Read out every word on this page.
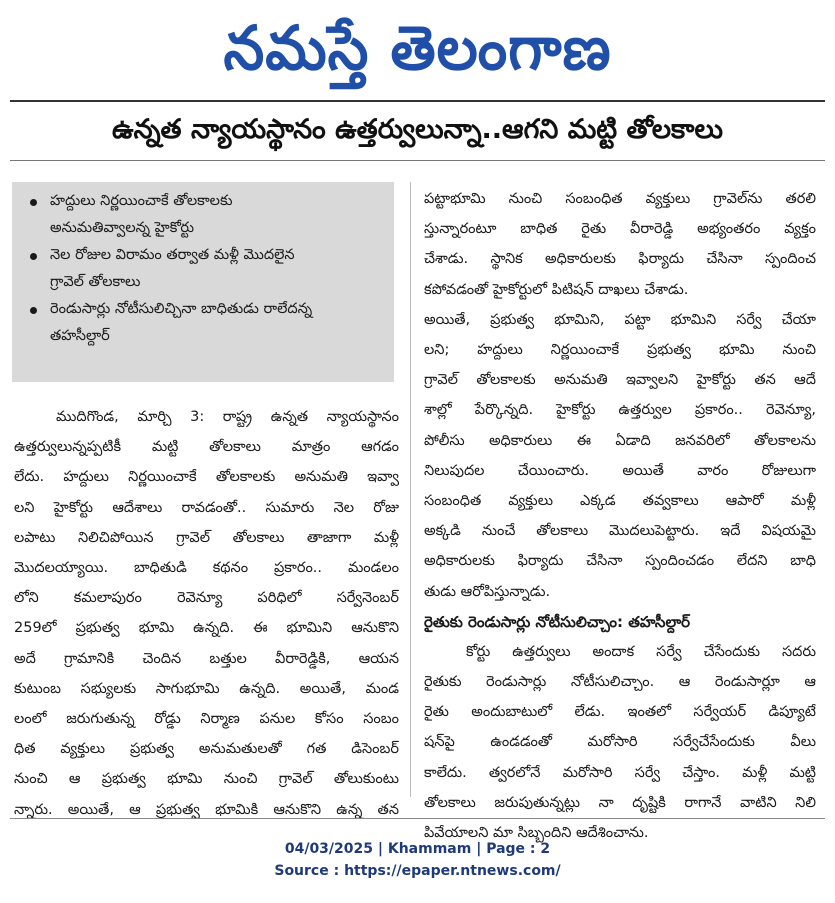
నమస్తే తెలంగాణ
ఉన్నత న్యాయస్థానం ఉత్తర్వులున్నా..ఆగని మట్టి తోలకాలు
హద్దులు నిర్ణయించాకే తోలకాలకు
అనుమతివ్వాలన్న హైకోర్టు
నెల రోజుల విరామం తర్వాత మళ్లీ మొదలైన
గ్రావెల్ తోలకాలు
రెండుసార్లు నోటీసులిచ్చినా బాధితుడు రాలేదన్న
తహసీల్దార్

ముదిగొండ, మార్చి 3: రాష్ట్ర ఉన్నత న్యాయస్థానం

ఉత్తర్వులున్నప్పటికీ మట్టి తోలకాలు మాత్రం ఆగడం

లేదు. హద్దులు నిర్ణయించాకే తోలకాలకు అనుమతి ఇవ్వా

లని హైకోర్టు ఆదేశాలు రావడంతో.. సుమారు నెల రోజు

లపాటు నిలిచిపోయిన గ్రావెల్ తోలకాలు తాజాగా మళ్లీ

మొదలయ్యాయి. బాధితుడి కథనం ప్రకారం.. మండలం

లోని కమలాపురం రెవెన్యూ పరిధిలో సర్వేనెంబర్

259లో ప్రభుత్వ భూమి ఉన్నది. ఈ భూమిని ఆనుకొని

అదే గ్రామానికి చెందిన బత్తుల వీరారెడ్డికి, ఆయన

కుటుంబ సభ్యులకు సాగుభూమి ఉన్నది. అయితే, మండ

లంలో జరుగుతున్న రోడ్డు నిర్మాణ పనుల కోసం సంబం

ధిత వ్యక్తులు ప్రభుత్వ అనుమతులతో గత డిసెంబర్

నుంచి ఆ ప్రభుత్వ భూమి నుంచి గ్రావెల్ తోలుకుంటు

న్నారు. అయితే, ఆ ప్రభుత్వ భూమికి ఆనుకొని ఉన్న తన

పట్టాభూమి నుంచి సంబంధిత వ్యక్తులు గ్రావెల్‌ను తరలి

స్తున్నారంటూ బాధిత రైతు వీరారెడ్డి అభ్యంతరం వ్యక్తం

చేశాడు. స్థానిక అధికారులకు ఫిర్యాదు చేసినా స్పందించ

కపోవడంతో హైకోర్టులో పిటిషన్ దాఖలు చేశాడు.

అయితే, ప్రభుత్వ భూమిని, పట్టా భూమిని సర్వే చేయా

లని; హద్దులు నిర్ణయించాకే ప్రభుత్వ భూమి నుంచి

గ్రావెల్ తోలకాలకు అనుమతి ఇవ్వాలని హైకోర్టు తన ఆదే

శాల్లో పేర్కొన్నది. హైకోర్టు ఉత్తర్వుల ప్రకారం.. రెవెన్యూ,

పోలీసు అధికారులు ఈ ఏడాది జనవరిలో తోలకాలను

నిలుపుదల చేయించారు. అయితే వారం రోజులుగా

సంబంధిత వ్యక్తులు ఎక్కడ తవ్వకాలు ఆపారో మళ్లీ

అక్కడి నుంచే తోలకాలు మొదలుపెట్టారు. ఇదే విషయమై

అధికారులకు ఫిర్యాదు చేసినా స్పందించడం లేదని బాధి

తుడు ఆరోపిస్తున్నాడు.

రైతుకు రెండుసార్లు నోటీసులిచ్చాం: తహసీల్దార్

కోర్టు ఉత్తర్వులు అందాక సర్వే చేసేందుకు సదరు

రైతుకు రెండుసార్లు నోటీసులిచ్చాం. ఆ రెండుసార్లూ ఆ

రైతు అందుబాటులో లేడు. ఇంతలో సర్వేయర్ డిప్యూటే

షన్‌పై ఉండడంతో మరోసారి సర్వేచేసేందుకు వీలు

కాలేదు. త్వరలోనే మరోసారి సర్వే చేస్తాం. మళ్లీ మట్టి

తోలకాలు జరుపుతున్నట్లు నా దృష్టికి రాగానే వాటిని నిలి

పివేయాలని మా సిబ్బందిని ఆదేశించాను.

04/03/2025 | Khammam | Page : 2
Source : https://epaper.ntnews.com/
